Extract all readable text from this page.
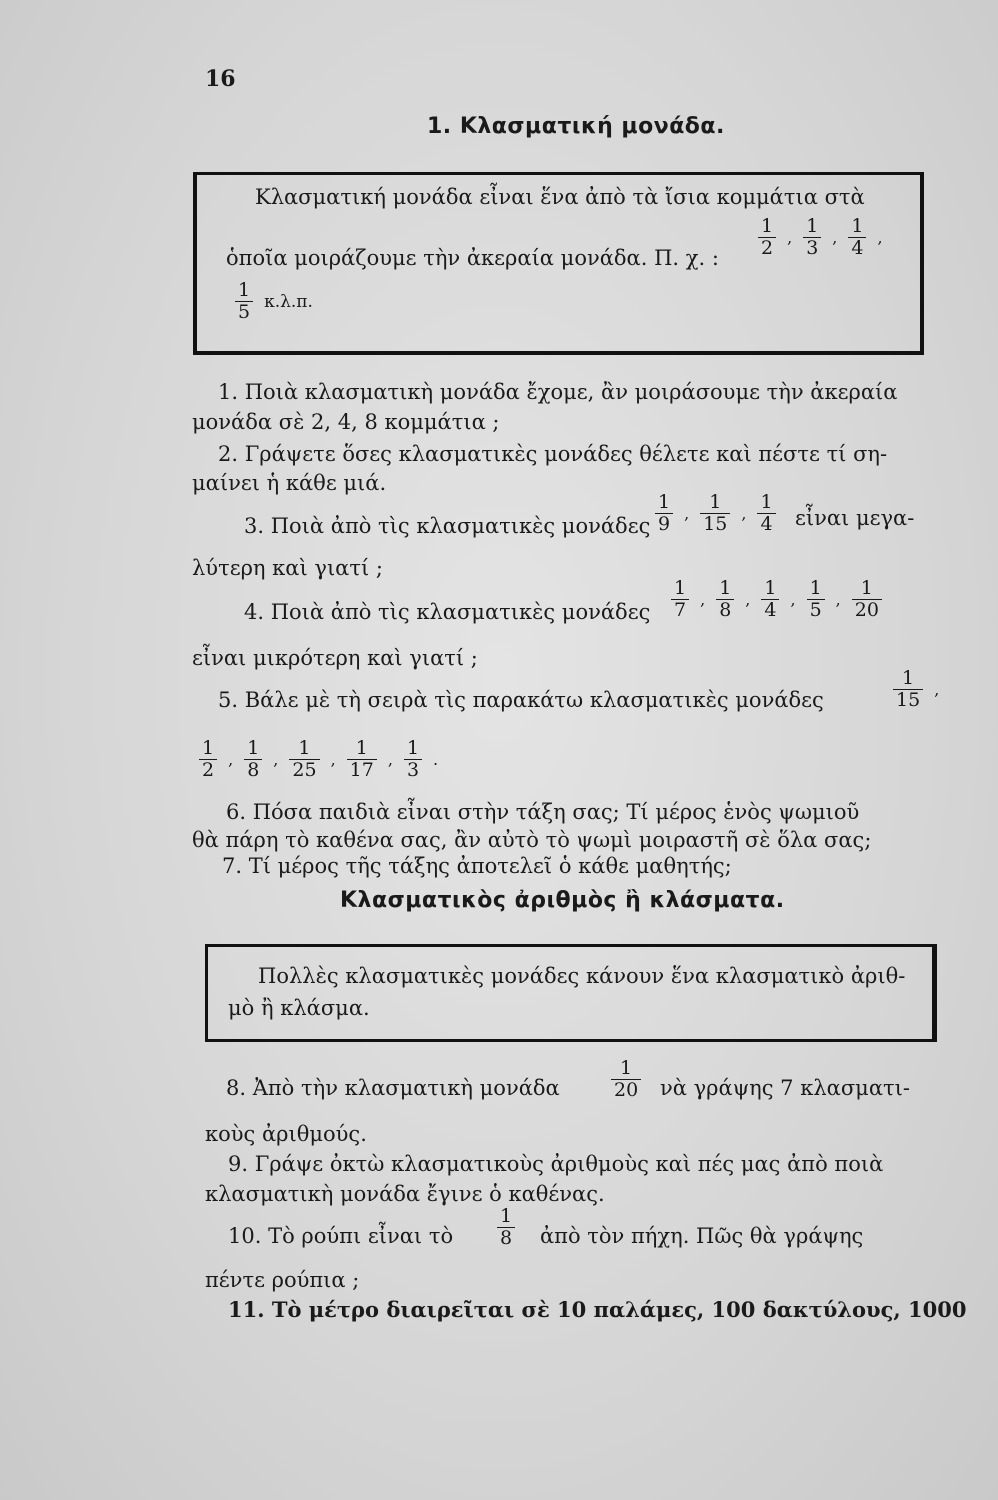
16
1. Κλασματική μονάδα.
Κλασματική μονάδα εἶναι ἕνα ἀπὸ τὰ ἴσια κομμάτια στὰ
ὁποῖα μοιράζουμε τὴν ἀκεραία μονάδα. Π. χ. : $\frac{1}{2}$ , $\frac{1}{3}$ , $\frac{1}{4}$ ,
$\frac{1}{5} \kappa.\lambda.\pi$.
1. Ποιὰ κλασματικὴ μονάδα ἔχομε, ἂν μοιράσουμε τὴν ἀκεραία
μονάδα σὲ 2, 4, 8 κομμάτια ;
2. Γράψετε ὅσες κλασματικὲς μονάδες θέλετε καὶ πέστε τί ση-
μαίνει ἡ κάθε μιά.
3. Ποιὰ ἀπὸ τὶς κλασματικὲς μονάδες $\frac{1}{9}$ , $\frac{1}{15}$ , $\frac{1}{4}$ εἶναι μεγα-
λύτερη καὶ γιατί ;
4. Ποιὰ ἀπὸ τὶς κλασματικὲς μονάδες $\frac{1}{7}$ , $\frac{1}{8}$ , $\frac{1}{4}$ , $\frac{1}{5}$ , $\frac{1}{20}$
εἶναι μικρότερη καὶ γιατί ;
5. Βάλε μὲ τὴ σειρὰ τὶς παρακάτω κλασματικὲς μονάδες	$\frac{1}{15}$ ,
$\frac{1}{2}$ , $\frac{1}{8}$ , $\frac{1}{25}$ , $\frac{1}{17}$ , $\frac{1}{3}$ .
6. Πόσα παιδιὰ εἶναι στὴν τάξη σας; Τί μέρος ἑνὸς ψωμιοῦ
θὰ πάρη τὸ καθένα σας, ἂν αὐτὸ τὸ ψωμὶ μοιραστῆ σὲ ὅλα σας;
7. Τί μέρος τῆς τάξης ἀποτελεῖ ὁ κάθε μαθητής;
Κλασματικὸς ἀριθμὸς ἢ κλάσματα.
Πολλὲς κλασματικὲς μονάδες κάνουν ἕνα κλασματικὸ ἀριθ-
μὸ ἢ κλάσμα.
8. Ἀπὸ τὴν κλασματικὴ μονάδα	$\frac{1}{20}$ νὰ γράψης 7 κλασματι-
κοὺς ἀριθμούς.
9. Γράψε ὀκτὼ κλασματικοὺς ἀριθμοὺς καὶ πές μας ἀπὸ ποιὰ
κλασματικὴ μονάδα ἔγινε ὁ καθένας.
10. Τὸ ρούπι εἶναι τὸ $\frac{1}{8}$ ἀπὸ τὸν πήχη. Πῶς θὰ γράψης
πέντε ρούπια ;
11. Τὸ μέτρο διαιρεῖται σὲ 10 παλάμες, 100 δακτύλους, 1000
